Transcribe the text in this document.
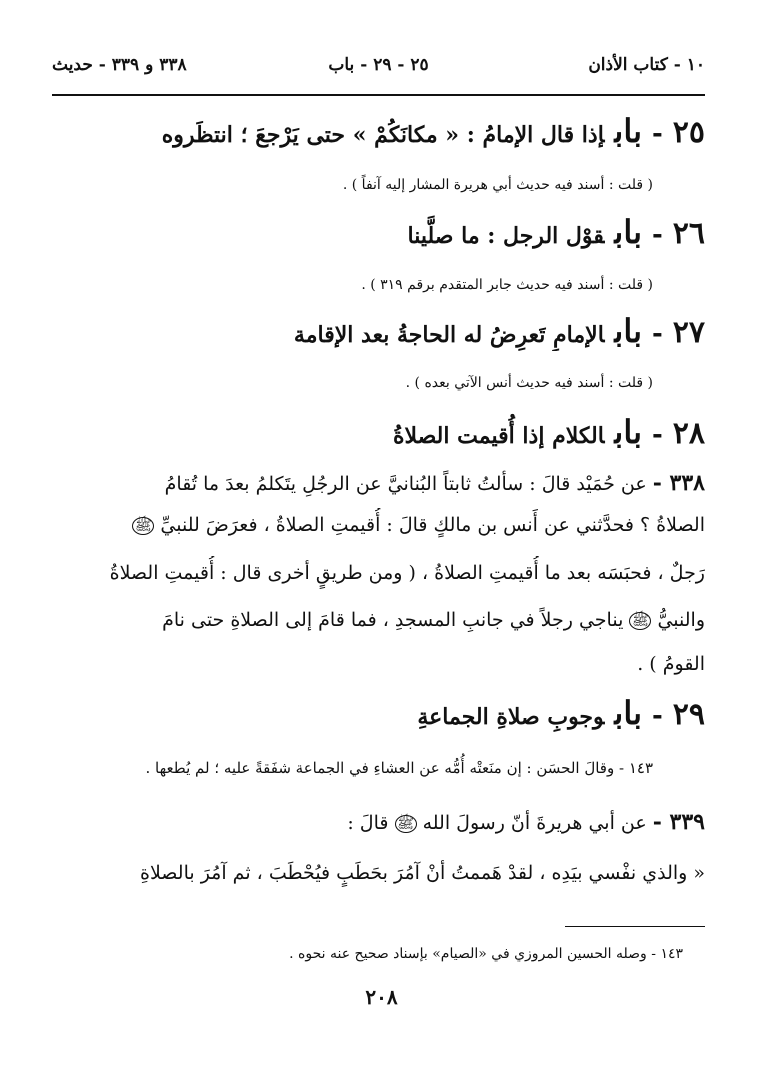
١٠ - كتاب الأذان
٢٥ - ٢٩ - باب
٣٣٨ و ٣٣٩ - حديث
٢٥-بابإذا قال الإمامُ : « مكانَكُمْ » حتى يَرْجعَ ؛ انتظَروه
( قلت : أسند فيه حديث أبي هريرة المشار إليه آنفاً ) .
٢٦-بابقوْل الرجل : ما صلَّينا
( قلت : أسند فيه حديث جابر المتقدم برقم ٣١٩ ) .
٢٧-بابالإمامِ تَعرِضُ له الحاجةُ بعد الإقامة
( قلت : أسند فيه حديث أنس الآتي بعده ) .
٢٨-بابالكلام إذا أُقيمت الصلاةُ
٣٣٨ - عن حُمَيْد قالَ : سألتُ ثابتاً البُنانيَّ عن الرجُلِ يتَكلمُ بعدَ ما تُقامُ
الصلاةُ ؟ فحدَّثني عن أَنس بن مالكٍ قالَ : أُقيمتِ الصلاةُ ، فعرَضَ للنبيِّ ﷺ
رَجلٌ ، فحبَسَه بعد ما أُقيمتِ الصلاةُ ، ( ومن طريقٍ أخرى قال : أُقيمتِ الصلاةُ
والنبيُّ ﷺ يناجي رجلاً في جانبِ المسجدِ ، فما قامَ إلى الصلاةِ حتى نامَ
القومُ ) .
٢٩-بابوجوبِ صلاةِ الجماعةِ
١٤٣ - وقالَ الحسَن : إن منَعتْه أُمُّه عن العشاءِ في الجماعة شفَقةً عليه ؛ لم يُطعها .
٣٣٩ - عن أبي هريرةَ أنّ رسولَ الله ﷺ قالَ :
« والذي نفْسي بيَدِه ، لقدْ هَممتُ أنْ آمُرَ بحَطَبٍ فيُحْطَبَ ، ثم آمُرَ بالصلاةِ
١٤٣ - وصله الحسين المروزي في «الصيام» بإسناد صحيح عنه نحوه .
٢٠٨
